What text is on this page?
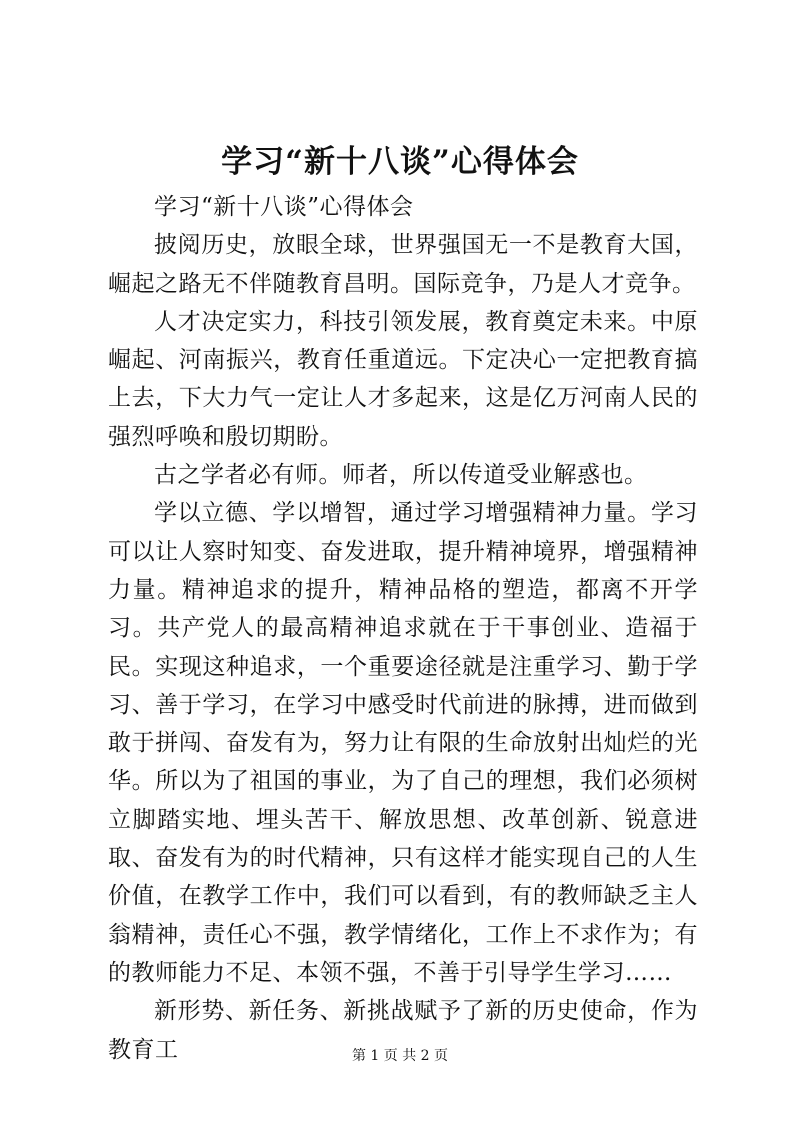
学习“新十八谈”心得体会

学习“新十八谈”心得体会

披阅历史，放眼全球，世界强国无一不是教育大国，崛起之路无不伴随教育昌明。国际竞争，乃是人才竞争。

人才决定实力，科技引领发展，教育奠定未来。中原崛起、河南振兴，教育任重道远。下定决心一定把教育搞上去，下大力气一定让人才多起来，这是亿万河南人民的强烈呼唤和殷切期盼。

古之学者必有师。师者，所以传道受业解惑也。

学以立德、学以增智，通过学习增强精神力量。学习可以让人察时知变、奋发进取，提升精神境界，增强精神力量。精神追求的提升，精神品格的塑造，都离不开学习。共产党人的最高精神追求就在于干事创业、造福于民。实现这种追求，一个重要途径就是注重学习、勤于学习、善于学习，在学习中感受时代前进的脉搏，进而做到敢于拼闯、奋发有为，努力让有限的生命放射出灿烂的光华。所以为了祖国的事业，为了自己的理想，我们必须树立脚踏实地、埋头苦干、解放思想、改革创新、锐意进取、奋发有为的时代精神，只有这样才能实现自己的人生价值，在教学工作中，我们可以看到，有的教师缺乏主人翁精神，责任心不强，教学情绪化，工作上不求作为；有的教师能力不足、本领不强，不善于引导学生学习……

新形势、新任务、新挑战赋予了新的历史使命，作为教育工	第 1 页 共 2 页
